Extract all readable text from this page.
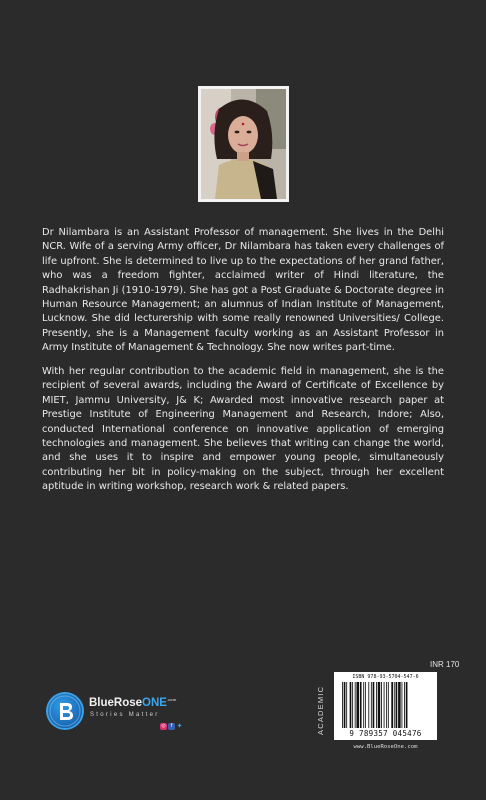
Dr Nilambara is an Assistant Professor of management. She lives in the Delhi NCR. Wife of a serving Army officer, Dr Nilambara has taken every challenges of life upfront. She is determined to live up to the expectations of her grand father, who was a freedom fighter, acclaimed writer of Hindi literature, the Radhakrishan Ji (1910-1979). She has got a Post Graduate & Doctorate degree in Human Resource Management; an alumnus of Indian Institute of Management, Lucknow. She did lecturership with some really renowned Universities/ College. Presently, she is a Management faculty working as an Assistant Professor in Army Institute of Management & Technology. She now writes part-time.

With her regular contribution to the academic field in management, she is the recipient of several awards, including the Award of Certificate of Excellence by MIET, Jammu University, J& K; Awarded most innovative research paper at Prestige Institute of Engineering Management and Research, Indore; Also, conducted International conference on innovative application of emerging technologies and management. She believes that writing can change the world, and she uses it to inspire and empower young people, simultaneously contributing her bit in policy-making on the subject, through her excellent aptitude in writing workshop, research work & related papers.

BlueRoseONE$^{.com}$
Stories Matter
◎ f ✦
INR 170
ACADEMIC
ISBN 978-93-5704-547-6
9 789357 045476
www.BlueRoseOne.com
